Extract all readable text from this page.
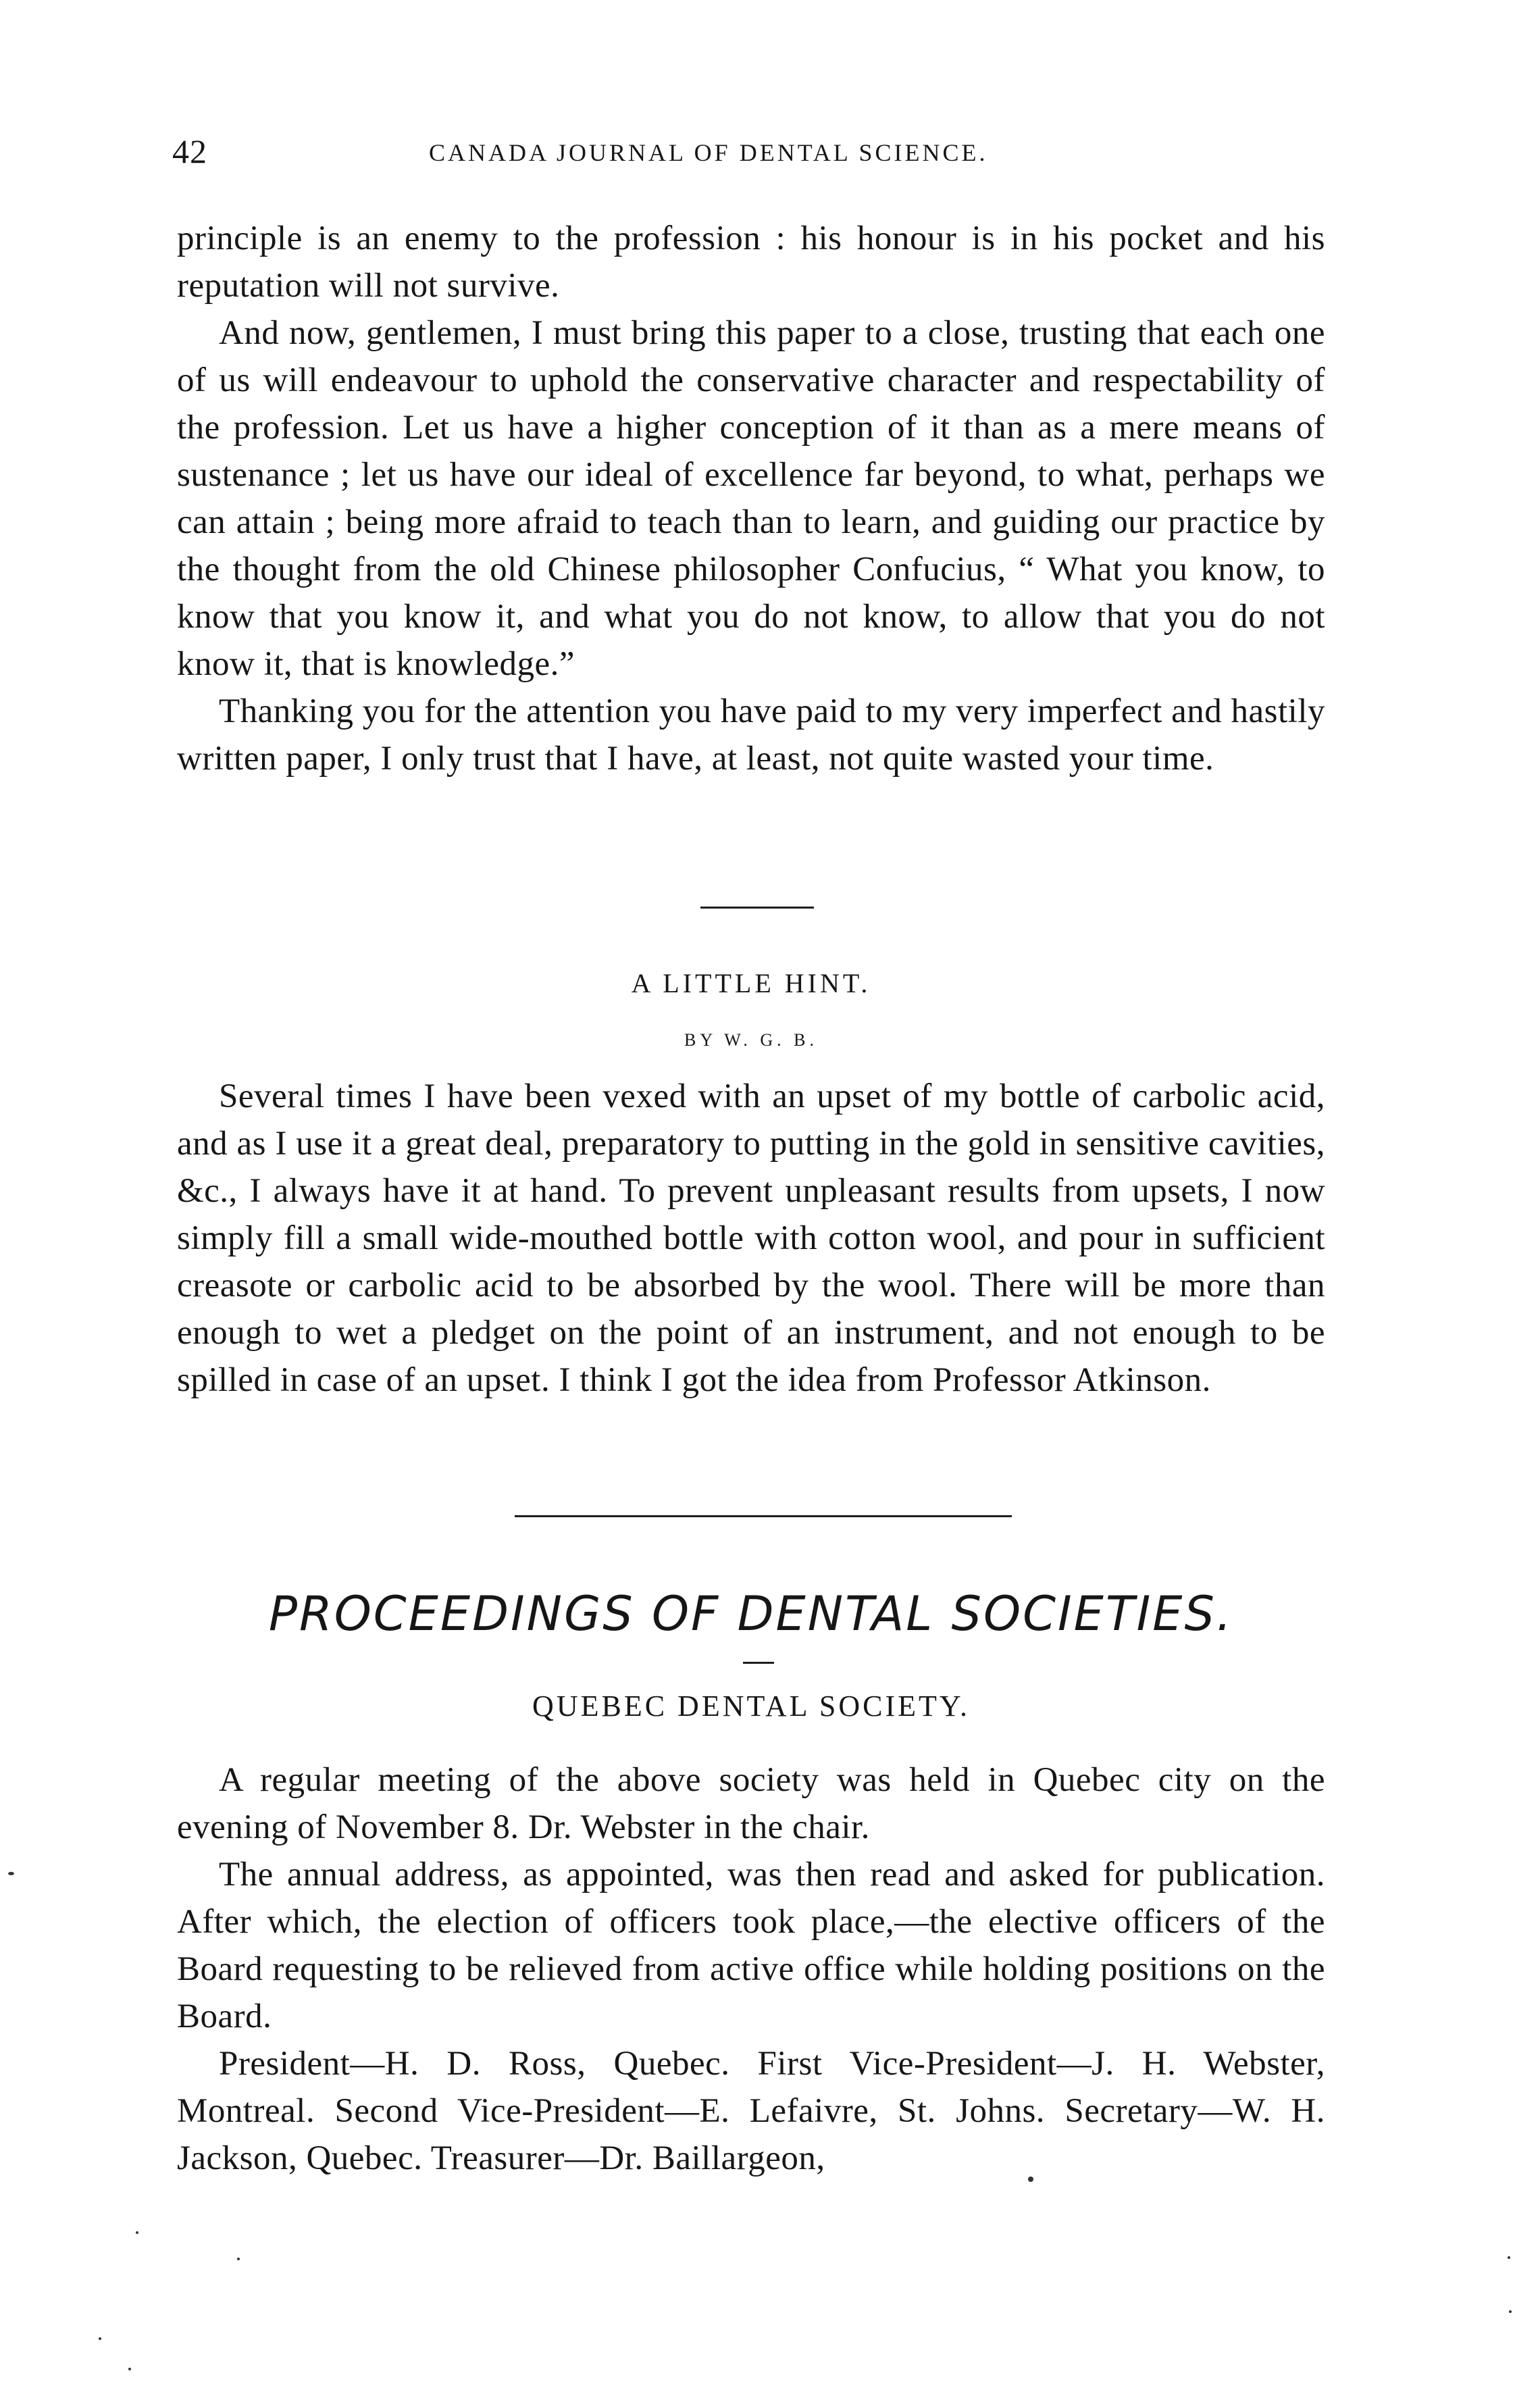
42	CANADA JOURNAL OF DENTAL SCIENCE.

principle is an enemy to the profession : his honour is in his pocket and his reputation will not survive.

And now, gentlemen, I must bring this paper to a close, trusting that each one of us will endeavour to uphold the conservative character and respectability of the profession. Let us have a higher conception of it than as a mere means of sustenance ; let us have our ideal of excellence far beyond, to what, perhaps we can attain ; being more afraid to teach than to learn, and guiding our practice by the thought from the old Chinese philosopher Confucius, “ What you know, to know that you know it, and what you do not know, to allow that you do not know it, that is knowledge.”

Thanking you for the attention you have paid to my very imperfect and hastily written paper, I only trust that I have, at least, not quite wasted your time.

A LITTLE HINT.
BY W. G. B.

Several times I have been vexed with an upset of my bottle of carbolic acid, and as I use it a great deal, preparatory to putting in the gold in sensitive cavities, &c., I always have it at hand. To prevent unpleasant results from upsets, I now simply fill a small wide-mouthed bottle with cotton wool, and pour in sufficient creasote or carbolic acid to be absorbed by the wool. There will be more than enough to wet a pledget on the point of an instrument, and not enough to be spilled in case of an upset. I think I got the idea from Professor Atkinson.

PROCEEDINGS OF DENTAL SOCIETIES.
QUEBEC DENTAL SOCIETY.

A regular meeting of the above society was held in Quebec city on the evening of November 8. Dr. Webster in the chair.

The annual address, as appointed, was then read and asked for publication. After which, the election of officers took place,—the elective officers of the Board requesting to be relieved from active office while holding positions on the Board.

President—H. D. Ross, Quebec. First Vice-President—J. H. Webster, Montreal. Second Vice-President—E. Lefaivre, St. Johns. Secretary—W. H. Jackson, Quebec. Treasurer—Dr. Baillargeon,
